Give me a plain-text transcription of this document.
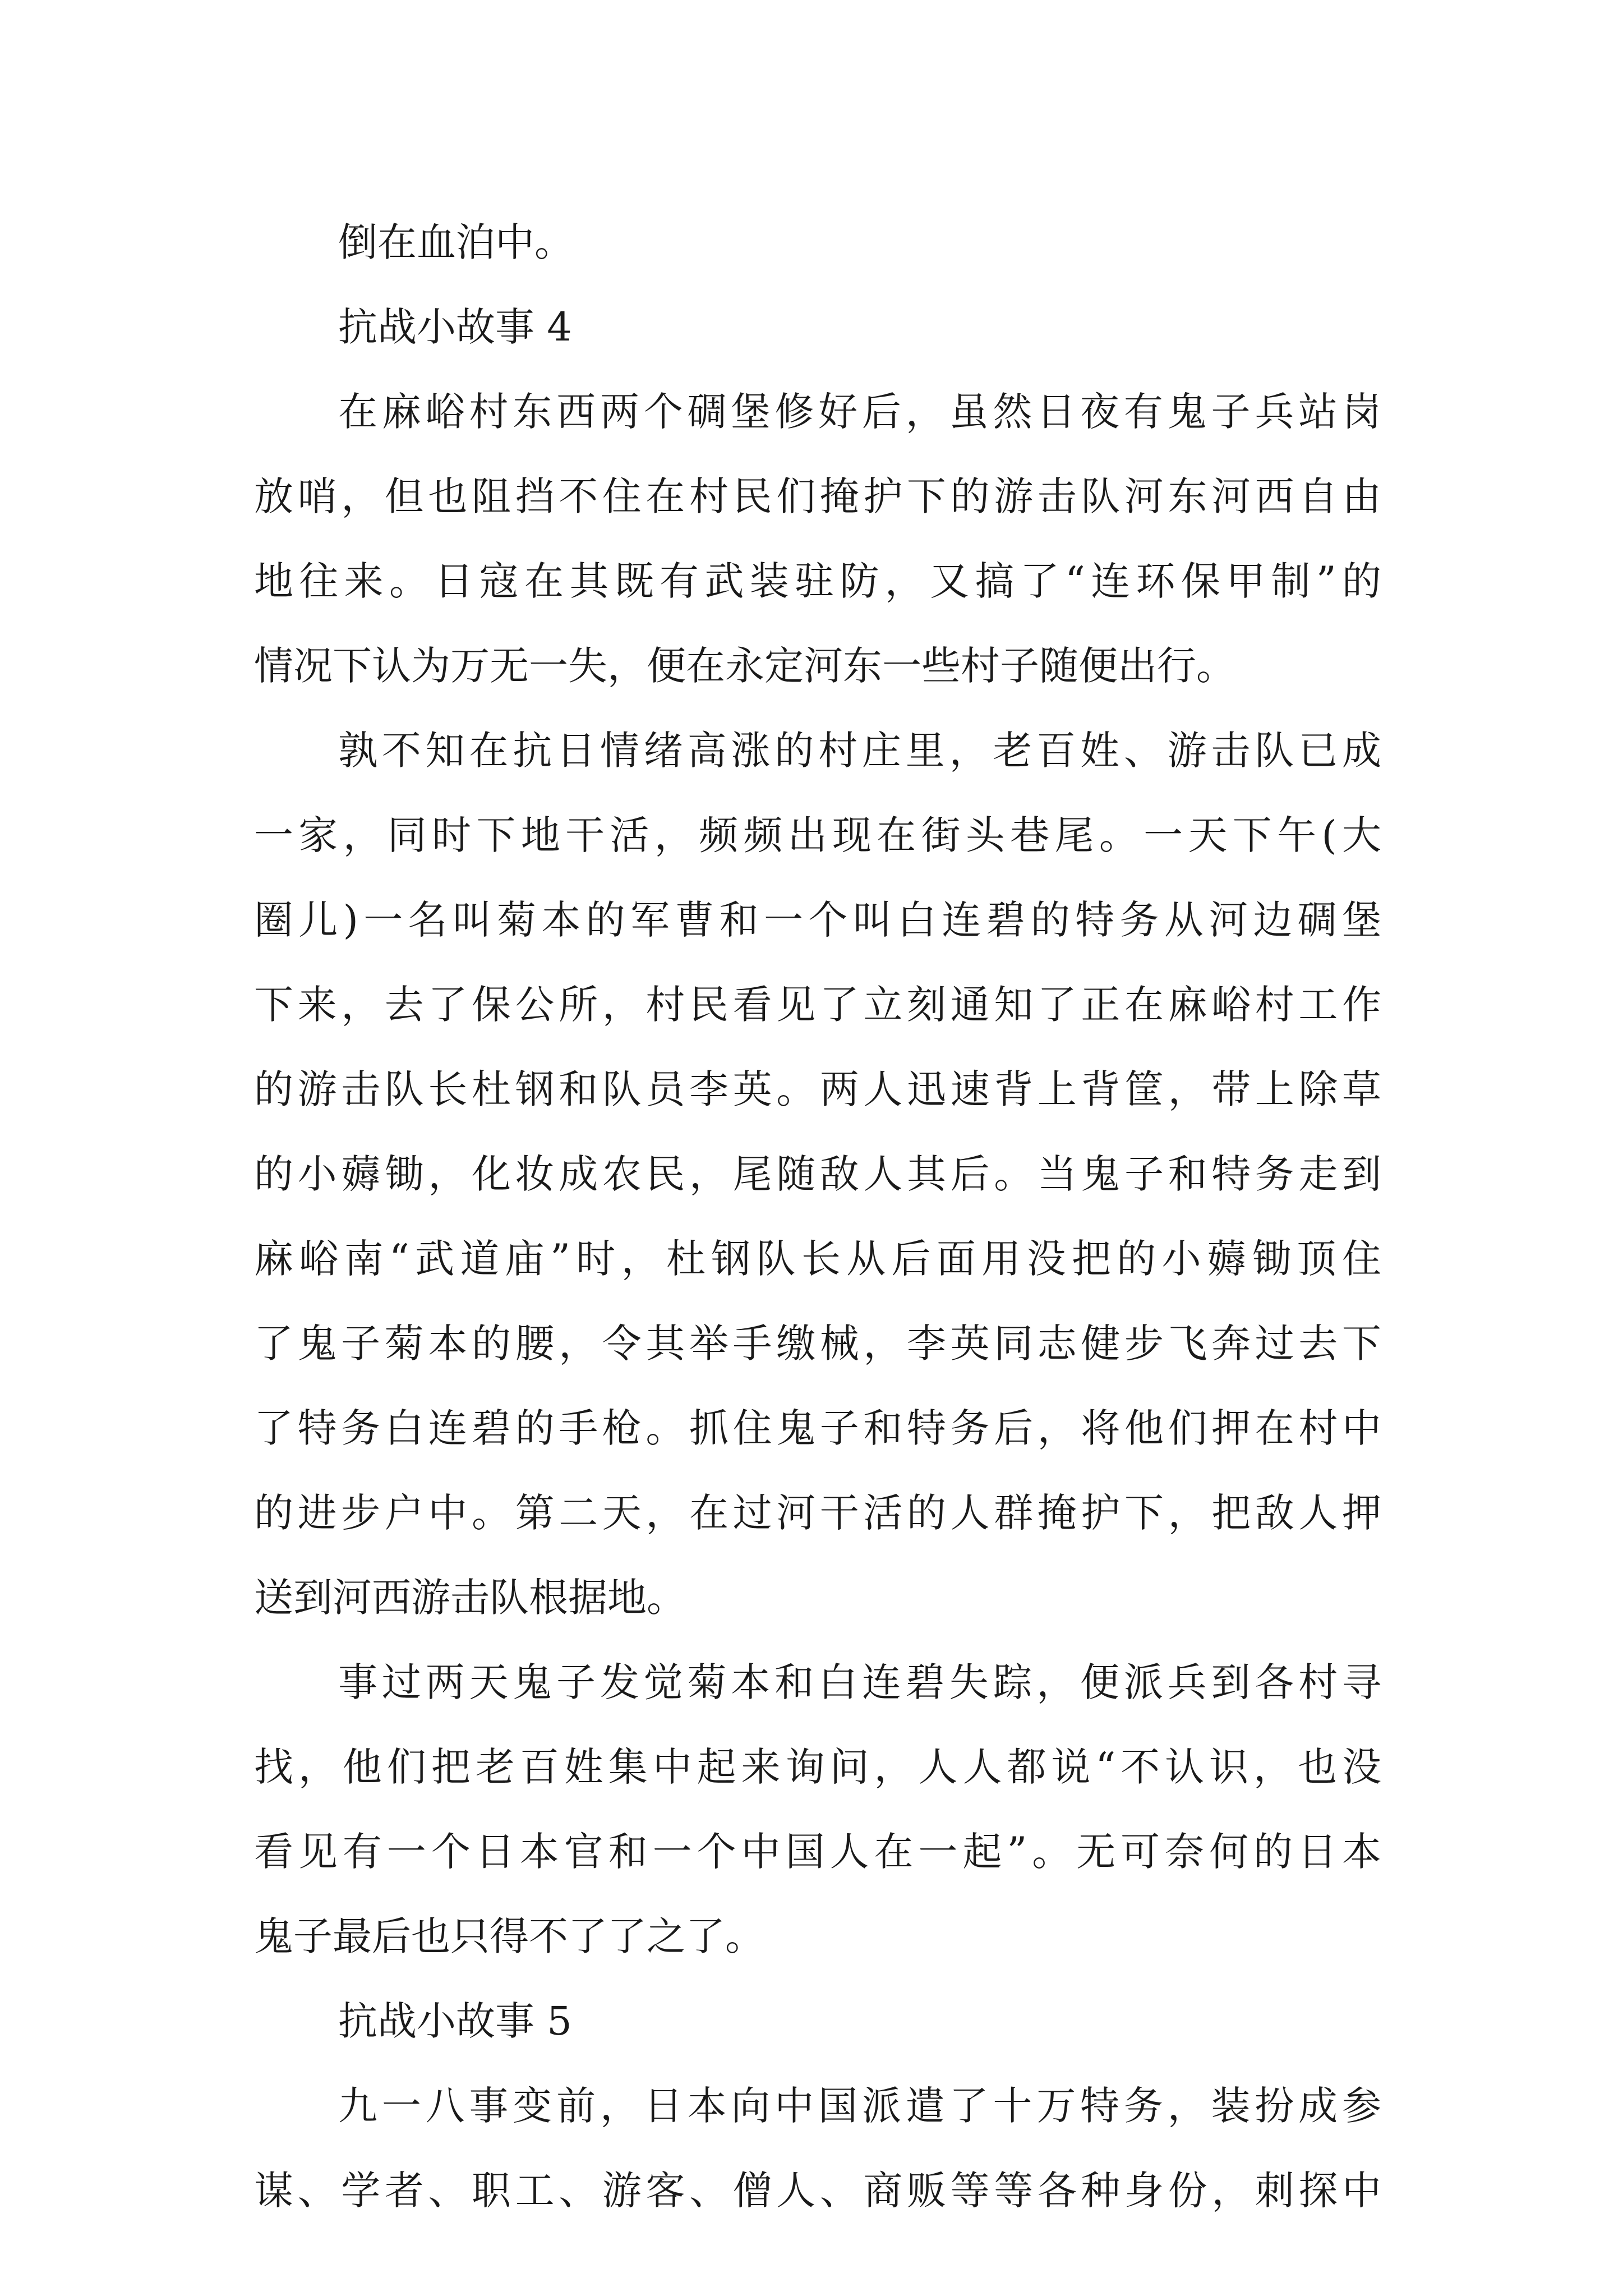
倒在血泊中。
抗战小故事 4
在麻峪村东西两个碉堡修好后，虽然日夜有鬼子兵站岗
放哨，但也阻挡不住在村民们掩护下的游击队河东河西自由
地往来。日寇在其既有武装驻防，又搞了“连环保甲制”的
情况下认为万无一失，便在永定河东一些村子随便出行。
孰不知在抗日情绪高涨的村庄里，老百姓、游击队已成
一家，同时下地干活，频频出现在街头巷尾。一天下午(大
圈儿)一名叫菊本的军曹和一个叫白连碧的特务从河边碉堡
下来，去了保公所，村民看见了立刻通知了正在麻峪村工作
的游击队长杜钢和队员李英。两人迅速背上背筐，带上除草
的小薅锄，化妆成农民，尾随敌人其后。当鬼子和特务走到
麻峪南“武道庙”时，杜钢队长从后面用没把的小薅锄顶住
了鬼子菊本的腰，令其举手缴械，李英同志健步飞奔过去下
了特务白连碧的手枪。抓住鬼子和特务后，将他们押在村中
的进步户中。第二天，在过河干活的人群掩护下，把敌人押
送到河西游击队根据地。
事过两天鬼子发觉菊本和白连碧失踪，便派兵到各村寻
找，他们把老百姓集中起来询问，人人都说“不认识，也没
看见有一个日本官和一个中国人在一起”。无可奈何的日本
鬼子最后也只得不了了之了。
抗战小故事 5
九一八事变前，日本向中国派遣了十万特务，装扮成参
谋、学者、职工、游客、僧人、商贩等等各种身份，刺探中
